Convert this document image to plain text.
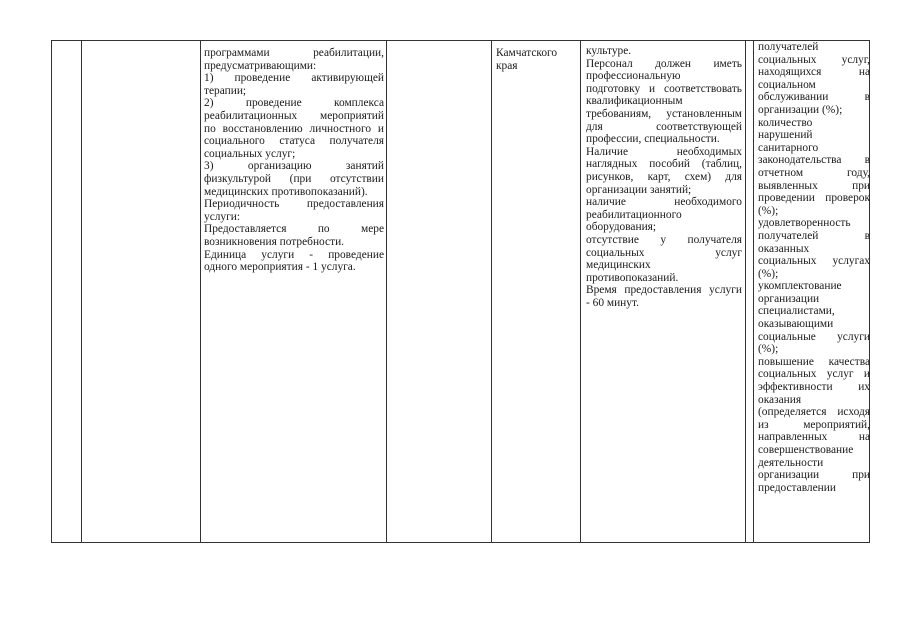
программами реабилитации,

предусматривающими:

1) проведение активирующей

терапии;

2) проведение комплекса

реабилитационных мероприятий

по восстановлению личностного и

социального статуса получателя

социальных услуг;

3) организацию занятий

физкультурой (при отсутствии

медицинских противопоказаний).

Периодичность предоставления

услуги:

Предоставляется по мере

возникновения потребности.

Единица услуги - проведение

одного мероприятия - 1 услуга.

Камчатского

края

культуре.

Персонал должен иметь

профессиональную

подготовку и соответствовать

квалификационным

требованиям, установленным

для соответствующей

профессии, специальности.

Наличие необходимых

наглядных пособий (таблиц,

рисунков, карт, схем) для

организации занятий;

наличие необходимого

реабилитационного

оборудования;

отсутствие у получателя

социальных услуг

медицинских

противопоказаний.

Время предоставления услуги

- 60 минут.

получателей

социальных услуг,

находящихся на

социальном

обслуживании в

организации (%);

количество

нарушений

санитарного

законодательства в

отчетном году,

выявленных при

проведении проверок

(%);

удовлетворенность

получателей в

оказанных

социальных услугах

(%);

укомплектование

организации

специалистами,

оказывающими

социальные услуги

(%);

повышение качества

социальных услуг и

эффективности их

оказания

(определяется исходя

из мероприятий,

направленных на

совершенствование

деятельности

организации при

предоставлении
